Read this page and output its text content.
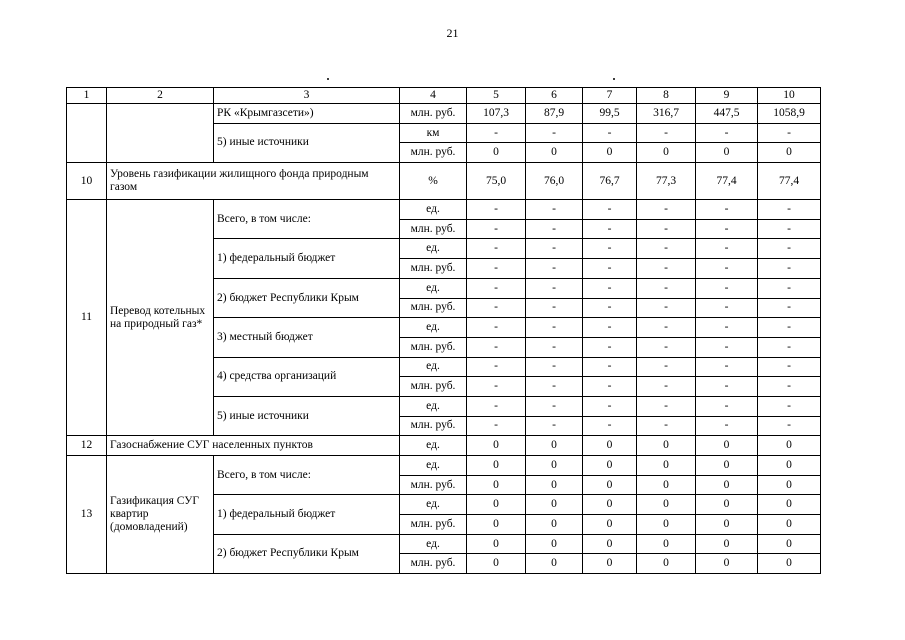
21
1	2	3	4	5	6	7	8	9	10
		РК «Крымгазсети»)	млн. руб.	107,3	87,9	99,5	316,7	447,5	1058,9
		5) иные источники	км	-	-	-	-	-	-
			млн. руб.	0	0	0	0	0	0
10	Уровень газификации жилищного фонда природным газом		%	75,0	76,0	76,7	77,3	77,4	77,4
11	Перевод котельных на природный газ*	Всего, в том числе:	ед.	-	-	-	-	-	-
			млн. руб.	-	-	-	-	-	-
		1) федеральный бюджет	ед.	-	-	-	-	-	-
			млн. руб.	-	-	-	-	-	-
		2) бюджет Республики Крым	ед.	-	-	-	-	-	-
			млн. руб.	-	-	-	-	-	-
		3) местный бюджет	ед.	-	-	-	-	-	-
			млн. руб.	-	-	-	-	-	-
		4) средства организаций	ед.	-	-	-	-	-	-
			млн. руб.	-	-	-	-	-	-
		5) иные источники	ед.	-	-	-	-	-	-
			млн. руб.	-	-	-	-	-	-
12	Газоснабжение СУГ населенных пунктов		ед.	0	0	0	0	0	0
13	Газификация СУГ квартир (домовладений)	Всего, в том числе:	ед.	0	0	0	0	0	0
			млн. руб.	0	0	0	0	0	0
		1) федеральный бюджет	ед.	0	0	0	0	0	0
			млн. руб.	0	0	0	0	0	0
		2) бюджет Республики Крым	ед.	0	0	0	0	0	0
			млн. руб.	0	0	0	0	0	0
